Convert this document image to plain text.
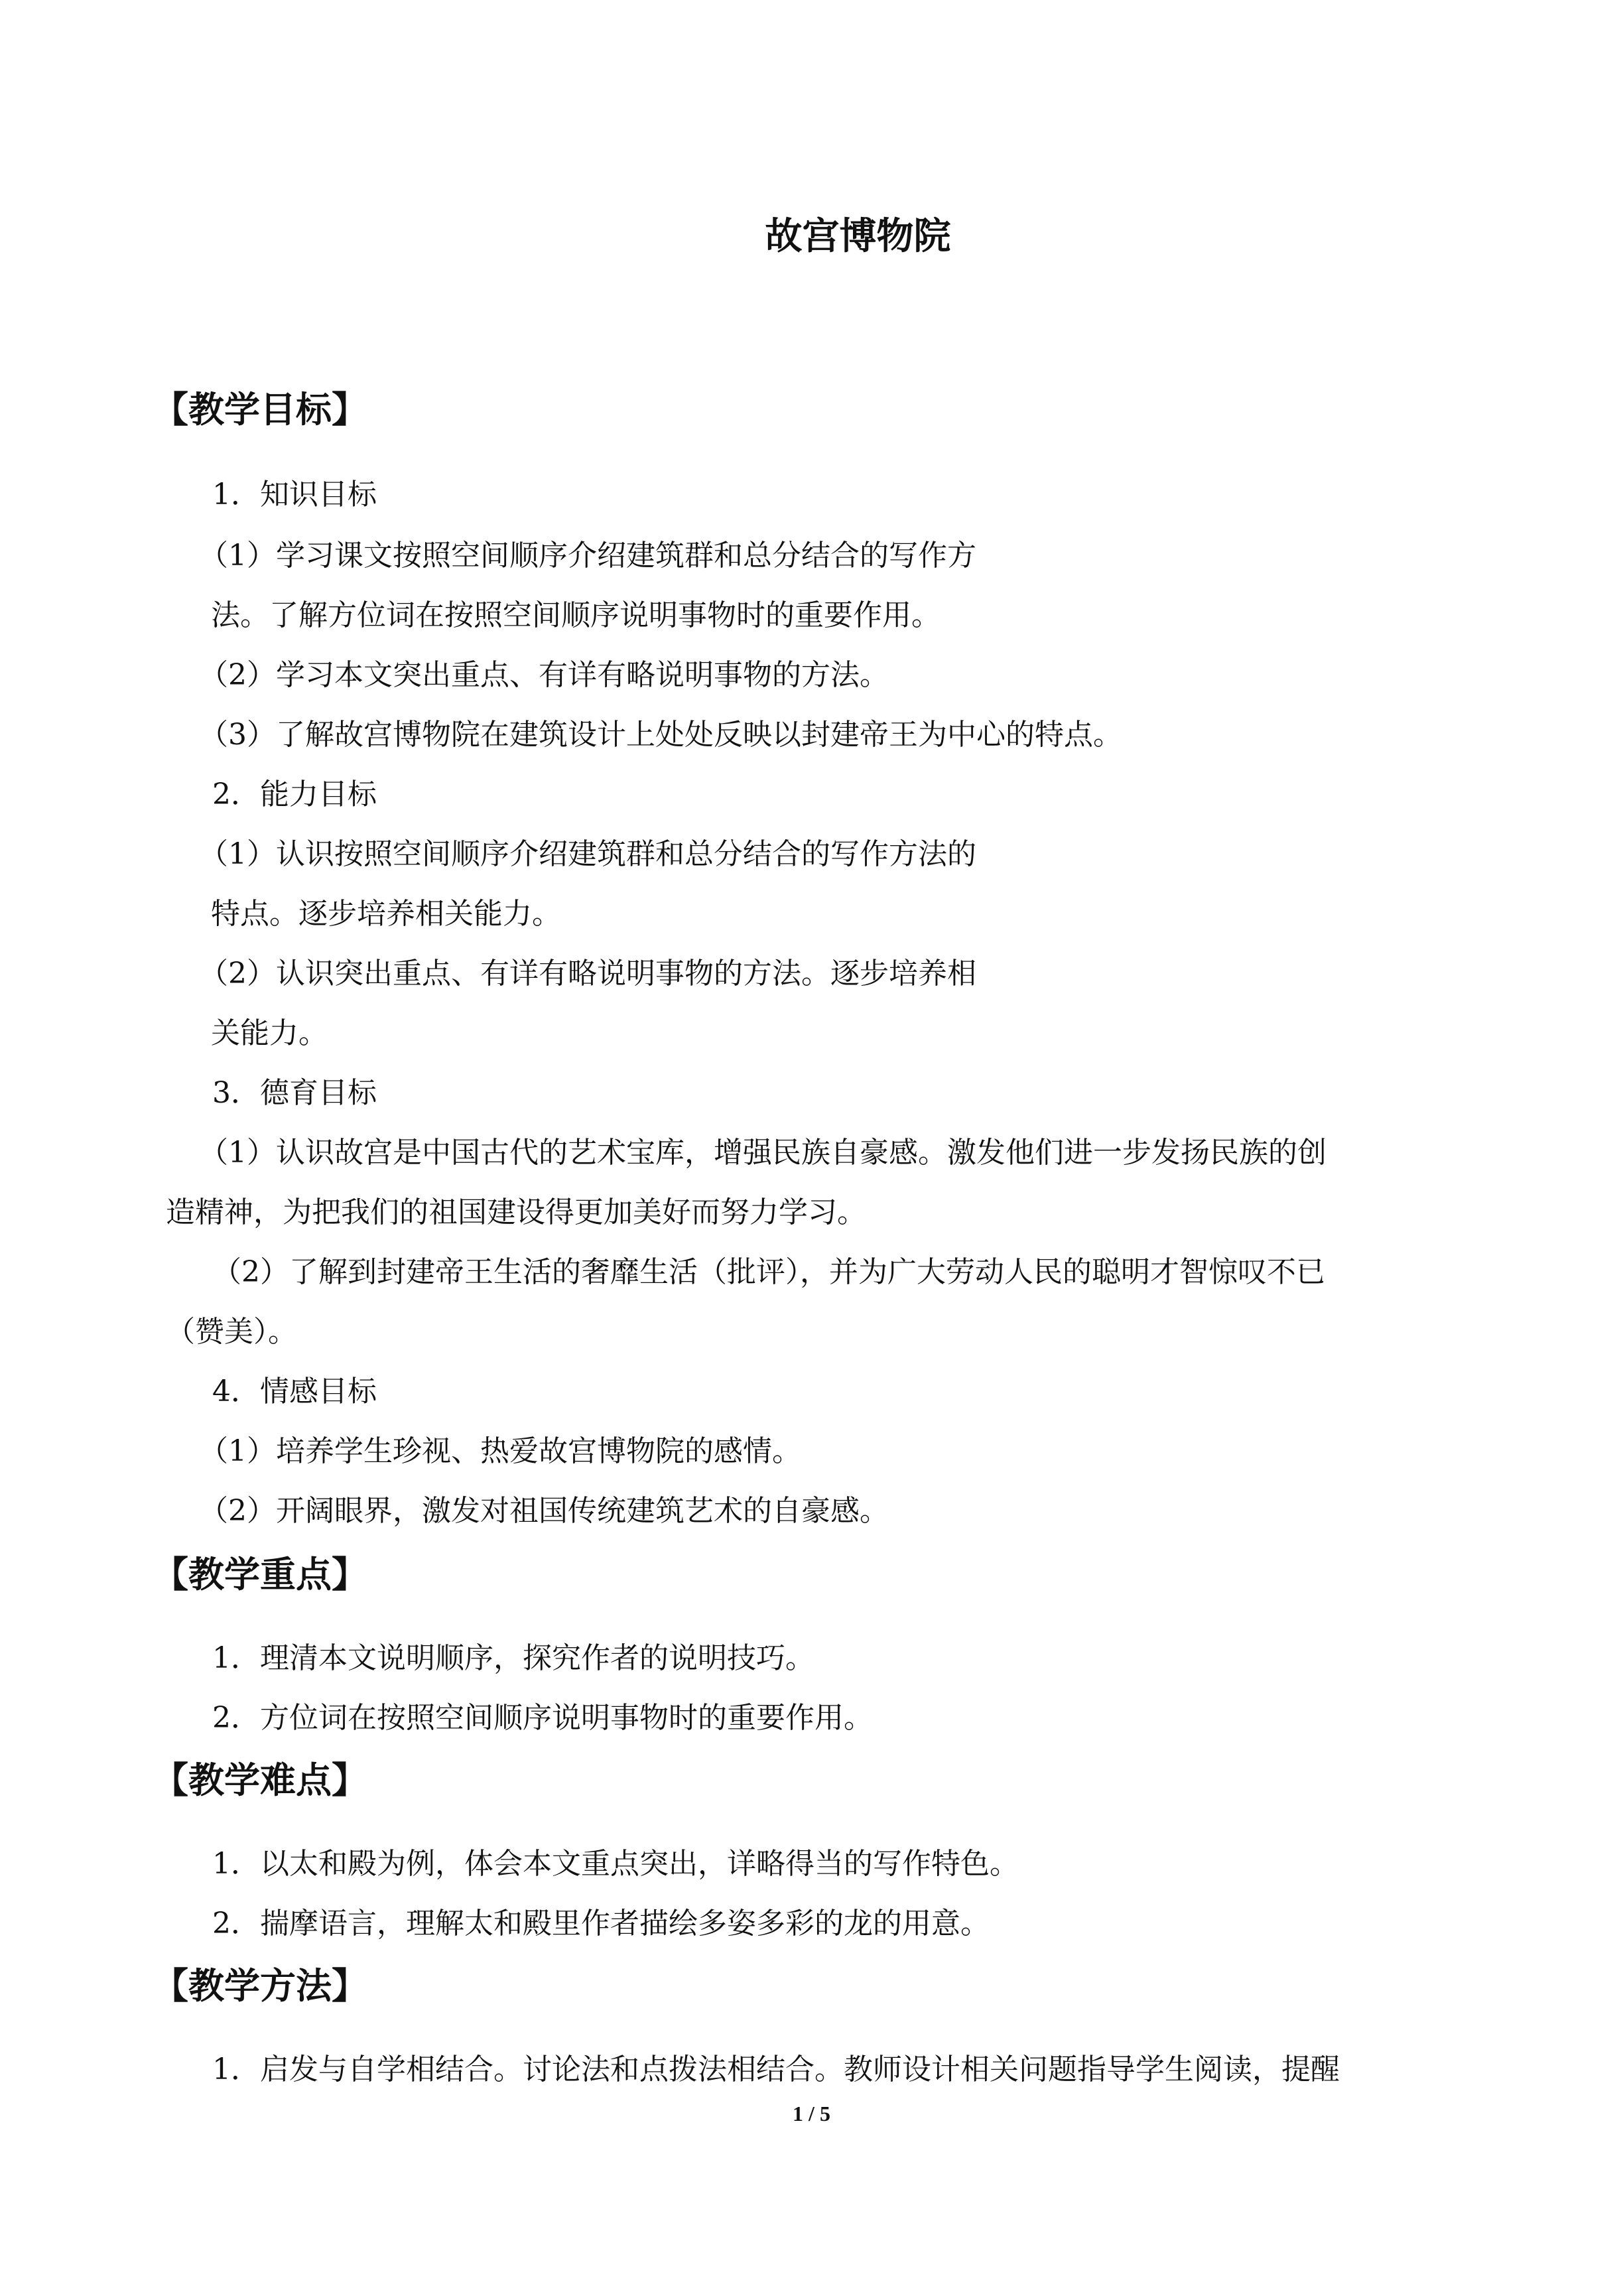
故宫博物院
【教学目标】

1．知识目标

（1）学习课文按照空间顺序介绍建筑群和总分结合的写作方

法。了解方位词在按照空间顺序说明事物时的重要作用。

（2）学习本文突出重点、有详有略说明事物的方法。

（3）了解故宫博物院在建筑设计上处处反映以封建帝王为中心的特点。

2．能力目标

（1）认识按照空间顺序介绍建筑群和总分结合的写作方法的

特点。逐步培养相关能力。

（2）认识突出重点、有详有略说明事物的方法。逐步培养相

关能力。

3．德育目标

（1）认识故宫是中国古代的艺术宝库，增强民族自豪感。激发他们进一步发扬民族的创

造精神，为把我们的祖国建设得更加美好而努力学习。

（2）了解到封建帝王生活的奢靡生活（批评），并为广大劳动人民的聪明才智惊叹不已

（赞美）。

4．情感目标

（1）培养学生珍视、热爱故宫博物院的感情。

（2）开阔眼界，激发对祖国传统建筑艺术的自豪感。

【教学重点】

1．理清本文说明顺序，探究作者的说明技巧。

2．方位词在按照空间顺序说明事物时的重要作用。

【教学难点】

1．以太和殿为例，体会本文重点突出，详略得当的写作特色。

2．揣摩语言，理解太和殿里作者描绘多姿多彩的龙的用意。

【教学方法】

1．启发与自学相结合。讨论法和点拨法相结合。教师设计相关问题指导学生阅读，提醒

1 / 5
